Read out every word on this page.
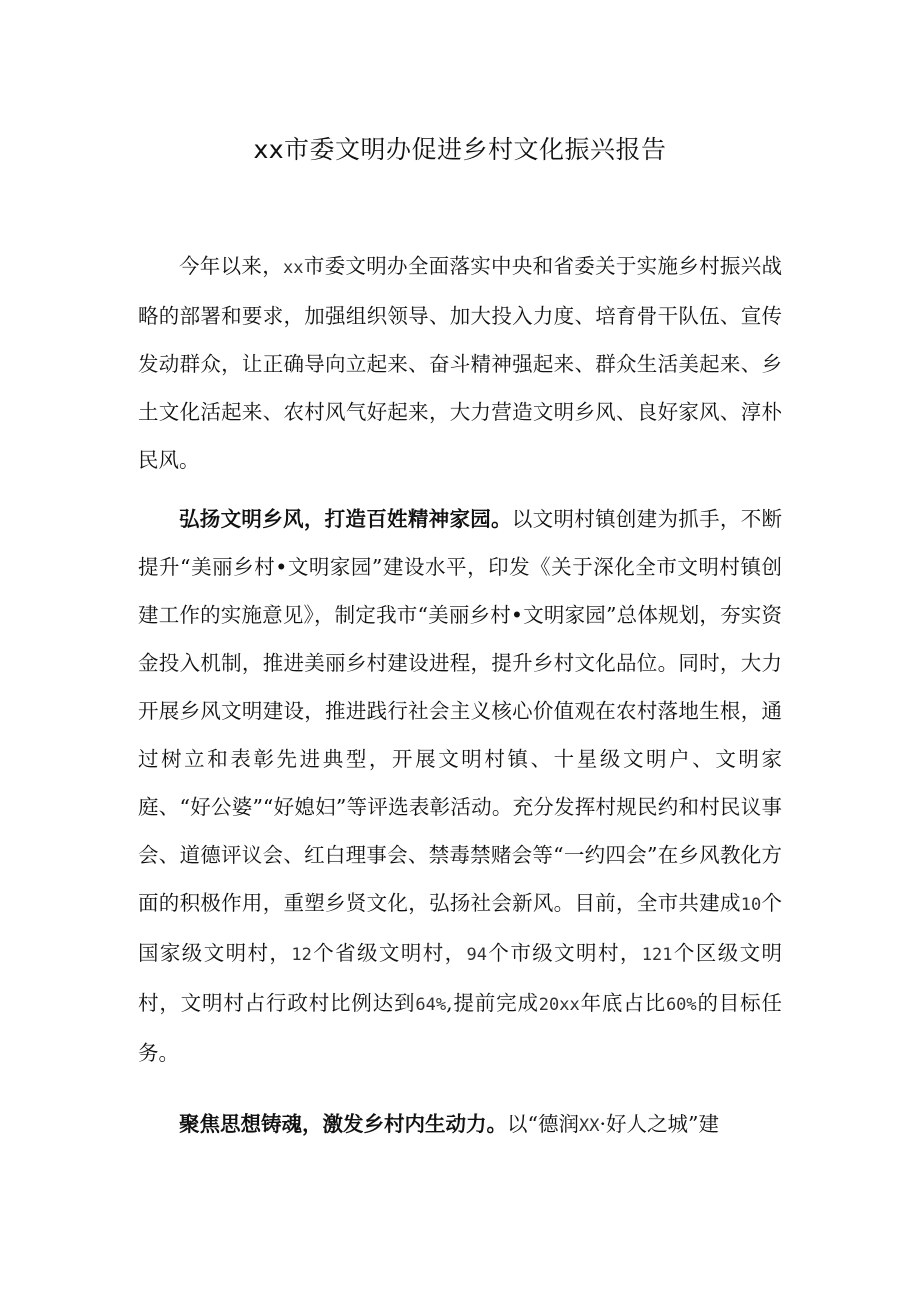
xx市委文明办促进乡村文化振兴报告

今年以来，xx市委文明办全面落实中央和省委关于实施乡村振兴战略的部署和要求，加强组织领导、加大投入力度、培育骨干队伍、宣传发动群众，让正确导向立起来、奋斗精神强起来、群众生活美起来、乡土文化活起来、农村风气好起来，大力营造文明乡风、良好家风、淳朴民风。

弘扬文明乡风，打造百姓精神家园。以文明村镇创建为抓手，不断提升“美丽乡村•文明家园”建设水平，印发《关于深化全市文明村镇创建工作的实施意见》，制定我市“美丽乡村•文明家园”总体规划，夯实资金投入机制，推进美丽乡村建设进程，提升乡村文化品位。同时，大力开展乡风文明建设，推进践行社会主义核心价值观在农村落地生根，通过树立和表彰先进典型，开展文明村镇、十星级文明户、文明家庭、“好公婆”“好媳妇”等评选表彰活动。充分发挥村规民约和村民议事会、道德评议会、红白理事会、禁毒禁赌会等“一约四会”在乡风教化方面的积极作用，重塑乡贤文化，弘扬社会新风。目前，全市共建成10个国家级文明村，12个省级文明村，94个市级文明村，121个区级文明村，文明村占行政村比例达到64%,提前完成20xx年底占比60%的目标任务。

聚焦思想铸魂，激发乡村内生动力。以“德润XX·好人之城”建
